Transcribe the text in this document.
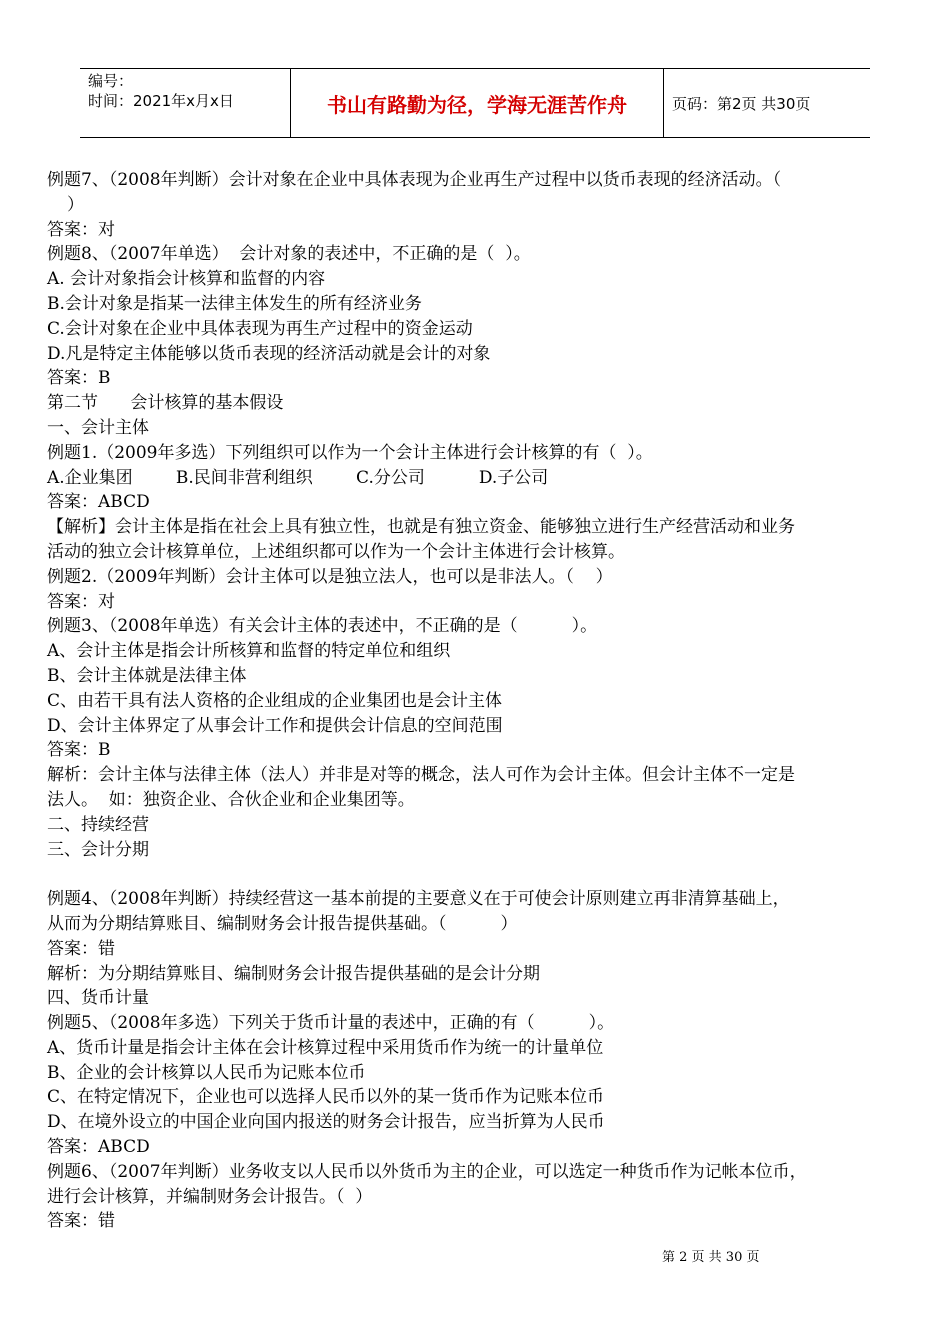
编号：
时间：2021年x月x日	书山有路勤为径，学海无涯苦作舟	页码：第2页 共30页
例题7、（2008年判断）会计对象在企业中具体表现为企业再生产过程中以货币表现的经济活动。（
）
答案：对
例题8、（2007年单选）  会计对象的表述中，不正确的是（  ）。
A. 会计对象指会计核算和监督的内容
B.会计对象是指某一法律主体发生的所有经济业务
C.会计对象在企业中具体表现为再生产过程中的资金运动
D.凡是特定主体能够以货币表现的经济活动就是会计的对象
答案：B
第二节      会计核算的基本假设
一、会计主体
例题1.（2009年多选）下列组织可以作为一个会计主体进行会计核算的有（  ）。
A.企业集团        B.民间非营利组织        C.分公司          D.子公司
答案：ABCD
【解析】会计主体是指在社会上具有独立性，也就是有独立资金、能够独立进行生产经营活动和业务
活动的独立会计核算单位，上述组织都可以作为一个会计主体进行会计核算。
例题2.（2009年判断）会计主体可以是独立法人，也可以是非法人。（    ）
答案：对
例题3、（2008年单选）有关会计主体的表述中，不正确的是（          ）。
A、会计主体是指会计所核算和监督的特定单位和组织
B、会计主体就是法律主体
C、由若干具有法人资格的企业组成的企业集团也是会计主体
D、会计主体界定了从事会计工作和提供会计信息的空间范围
答案：B
解析：会计主体与法律主体（法人）并非是对等的概念，法人可作为会计主体。但会计主体不一定是
法人。  如：独资企业、合伙企业和企业集团等。
二、持续经营
三、会计分期
例题4、（2008年判断）持续经营这一基本前提的主要意义在于可使会计原则建立再非清算基础上，
从而为分期结算账目、编制财务会计报告提供基础。（          ）
答案：错
解析：为分期结算账目、编制财务会计报告提供基础的是会计分期
四、货币计量
例题5、（2008年多选）下列关于货币计量的表述中，正确的有（          ）。
A、货币计量是指会计主体在会计核算过程中采用货币作为统一的计量单位
B、企业的会计核算以人民币为记账本位币
C、在特定情况下，企业也可以选择人民币以外的某一货币作为记账本位币
D、在境外设立的中国企业向国内报送的财务会计报告，应当折算为人民币
答案：ABCD
例题6、（2007年判断）业务收支以人民币以外货币为主的企业，可以选定一种货币作为记帐本位币，
进行会计核算，并编制财务会计报告。（  ）
答案：错
第 2 页 共 30 页
